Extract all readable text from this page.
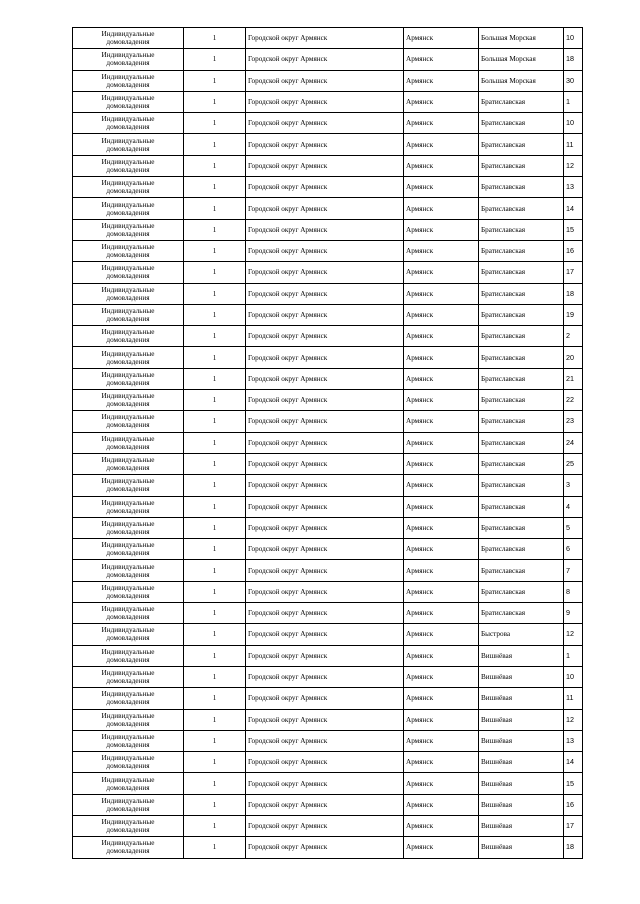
Индивидуальные
домовладения	1	Городской округ Армянск	Армянск	Большая Морская	10

Индивидуальные
домовладения	1	Городской округ Армянск	Армянск	Большая Морская	18

Индивидуальные
домовладения	1	Городской округ Армянск	Армянск	Большая Морская	30

Индивидуальные
домовладения	1	Городской округ Армянск	Армянск	Братиславская	1

Индивидуальные
домовладения	1	Городской округ Армянск	Армянск	Братиславская	10

Индивидуальные
домовладения	1	Городской округ Армянск	Армянск	Братиславская	11

Индивидуальные
домовладения	1	Городской округ Армянск	Армянск	Братиславская	12

Индивидуальные
домовладения	1	Городской округ Армянск	Армянск	Братиславская	13

Индивидуальные
домовладения	1	Городской округ Армянск	Армянск	Братиславская	14

Индивидуальные
домовладения	1	Городской округ Армянск	Армянск	Братиславская	15

Индивидуальные
домовладения	1	Городской округ Армянск	Армянск	Братиславская	16

Индивидуальные
домовладения	1	Городской округ Армянск	Армянск	Братиславская	17

Индивидуальные
домовладения	1	Городской округ Армянск	Армянск	Братиславская	18

Индивидуальные
домовладения	1	Городской округ Армянск	Армянск	Братиславская	19

Индивидуальные
домовладения	1	Городской округ Армянск	Армянск	Братиславская	2

Индивидуальные
домовладения	1	Городской округ Армянск	Армянск	Братиславская	20

Индивидуальные
домовладения	1	Городской округ Армянск	Армянск	Братиславская	21

Индивидуальные
домовладения	1	Городской округ Армянск	Армянск	Братиславская	22

Индивидуальные
домовладения	1	Городской округ Армянск	Армянск	Братиславская	23

Индивидуальные
домовладения	1	Городской округ Армянск	Армянск	Братиславская	24

Индивидуальные
домовладения	1	Городской округ Армянск	Армянск	Братиславская	25

Индивидуальные
домовладения	1	Городской округ Армянск	Армянск	Братиславская	3

Индивидуальные
домовладения	1	Городской округ Армянск	Армянск	Братиславская	4

Индивидуальные
домовладения	1	Городской округ Армянск	Армянск	Братиславская	5

Индивидуальные
домовладения	1	Городской округ Армянск	Армянск	Братиславская	6

Индивидуальные
домовладения	1	Городской округ Армянск	Армянск	Братиславская	7

Индивидуальные
домовладения	1	Городской округ Армянск	Армянск	Братиславская	8

Индивидуальные
домовладения	1	Городской округ Армянск	Армянск	Братиславская	9

Индивидуальные
домовладения	1	Городской округ Армянск	Армянск	Быстрова	12

Индивидуальные
домовладения	1	Городской округ Армянск	Армянск	Вишнёвая	1

Индивидуальные
домовладения	1	Городской округ Армянск	Армянск	Вишнёвая	10

Индивидуальные
домовладения	1	Городской округ Армянск	Армянск	Вишнёвая	11

Индивидуальные
домовладения	1	Городской округ Армянск	Армянск	Вишнёвая	12

Индивидуальные
домовладения	1	Городской округ Армянск	Армянск	Вишнёвая	13

Индивидуальные
домовладения	1	Городской округ Армянск	Армянск	Вишнёвая	14

Индивидуальные
домовладения	1	Городской округ Армянск	Армянск	Вишнёвая	15

Индивидуальные
домовладения	1	Городской округ Армянск	Армянск	Вишнёвая	16

Индивидуальные
домовладения	1	Городской округ Армянск	Армянск	Вишнёвая	17

Индивидуальные
домовладения	1	Городской округ Армянск	Армянск	Вишнёвая	18
